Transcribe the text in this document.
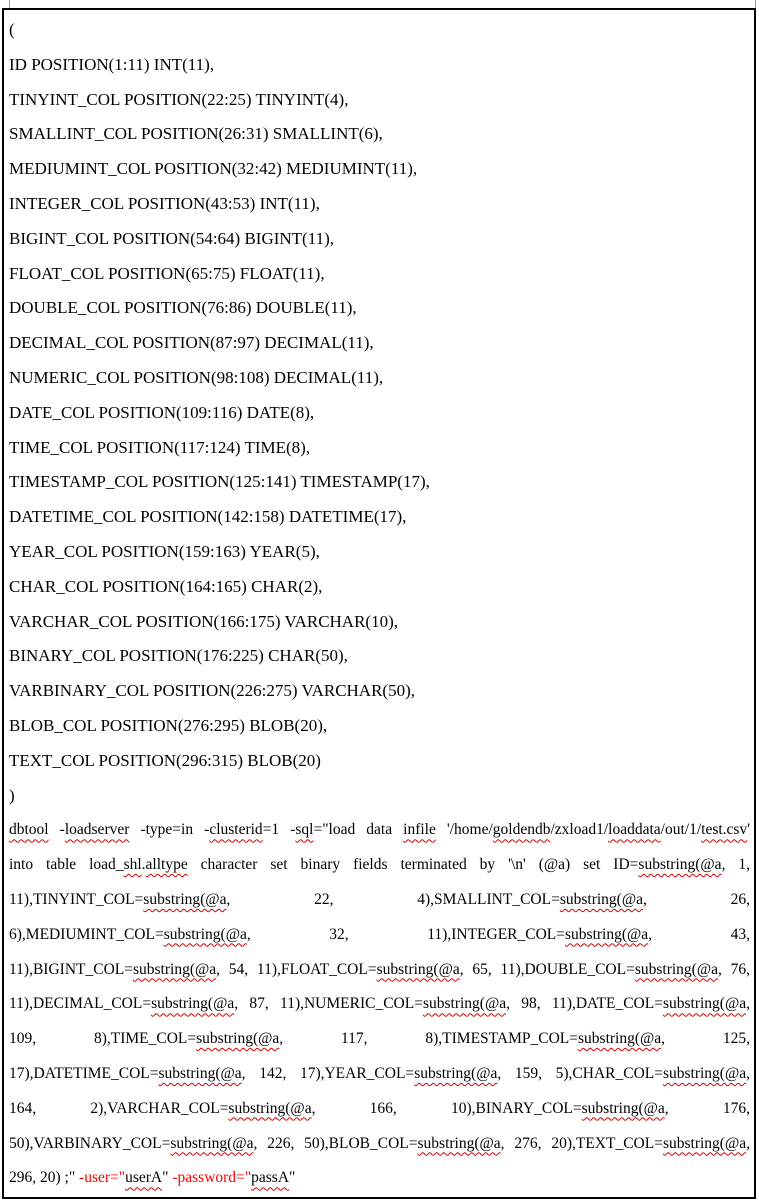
(
ID POSITION(1:11) INT(11),
TINYINT_COL POSITION(22:25) TINYINT(4),
SMALLINT_COL POSITION(26:31) SMALLINT(6),
MEDIUMINT_COL POSITION(32:42) MEDIUMINT(11),
INTEGER_COL POSITION(43:53) INT(11),
BIGINT_COL POSITION(54:64) BIGINT(11),
FLOAT_COL POSITION(65:75) FLOAT(11),
DOUBLE_COL POSITION(76:86) DOUBLE(11),
DECIMAL_COL POSITION(87:97) DECIMAL(11),
NUMERIC_COL POSITION(98:108) DECIMAL(11),
DATE_COL POSITION(109:116) DATE(8),
TIME_COL POSITION(117:124) TIME(8),
TIMESTAMP_COL POSITION(125:141) TIMESTAMP(17),
DATETIME_COL POSITION(142:158) DATETIME(17),
YEAR_COL POSITION(159:163) YEAR(5),
CHAR_COL POSITION(164:165) CHAR(2),
VARCHAR_COL POSITION(166:175) VARCHAR(10),
BINARY_COL POSITION(176:225) CHAR(50),
VARBINARY_COL POSITION(226:275) VARCHAR(50),
BLOB_COL POSITION(276:295) BLOB(20),
TEXT_COL POSITION(296:315) BLOB(20)
)
dbtool -loadserver -type=in -clusterid=1 -sql="load data infile '/home/goldendb/zxload1/loaddata/out/1/test.csv'
into table load_shl.alltype character set binary fields terminated by '\n' (@a) set ID=substring(@a, 1,
11),TINYINT_COL=substring(@a, 22, 4),SMALLINT_COL=substring(@a, 26,
6),MEDIUMINT_COL=substring(@a, 32, 11),INTEGER_COL=substring(@a, 43,
11),BIGINT_COL=substring(@a, 54, 11),FLOAT_COL=substring(@a, 65, 11),DOUBLE_COL=substring(@a, 76,
11),DECIMAL_COL=substring(@a, 87, 11),NUMERIC_COL=substring(@a, 98, 11),DATE_COL=substring(@a,
109, 8),TIME_COL=substring(@a, 117, 8),TIMESTAMP_COL=substring(@a, 125,
17),DATETIME_COL=substring(@a, 142, 17),YEAR_COL=substring(@a, 159, 5),CHAR_COL=substring(@a,
164, 2),VARCHAR_COL=substring(@a, 166, 10),BINARY_COL=substring(@a, 176,
50),VARBINARY_COL=substring(@a, 226, 50),BLOB_COL=substring(@a, 276, 20),TEXT_COL=substring(@a,
296, 20) ;" -user="userA" -password="passA"
